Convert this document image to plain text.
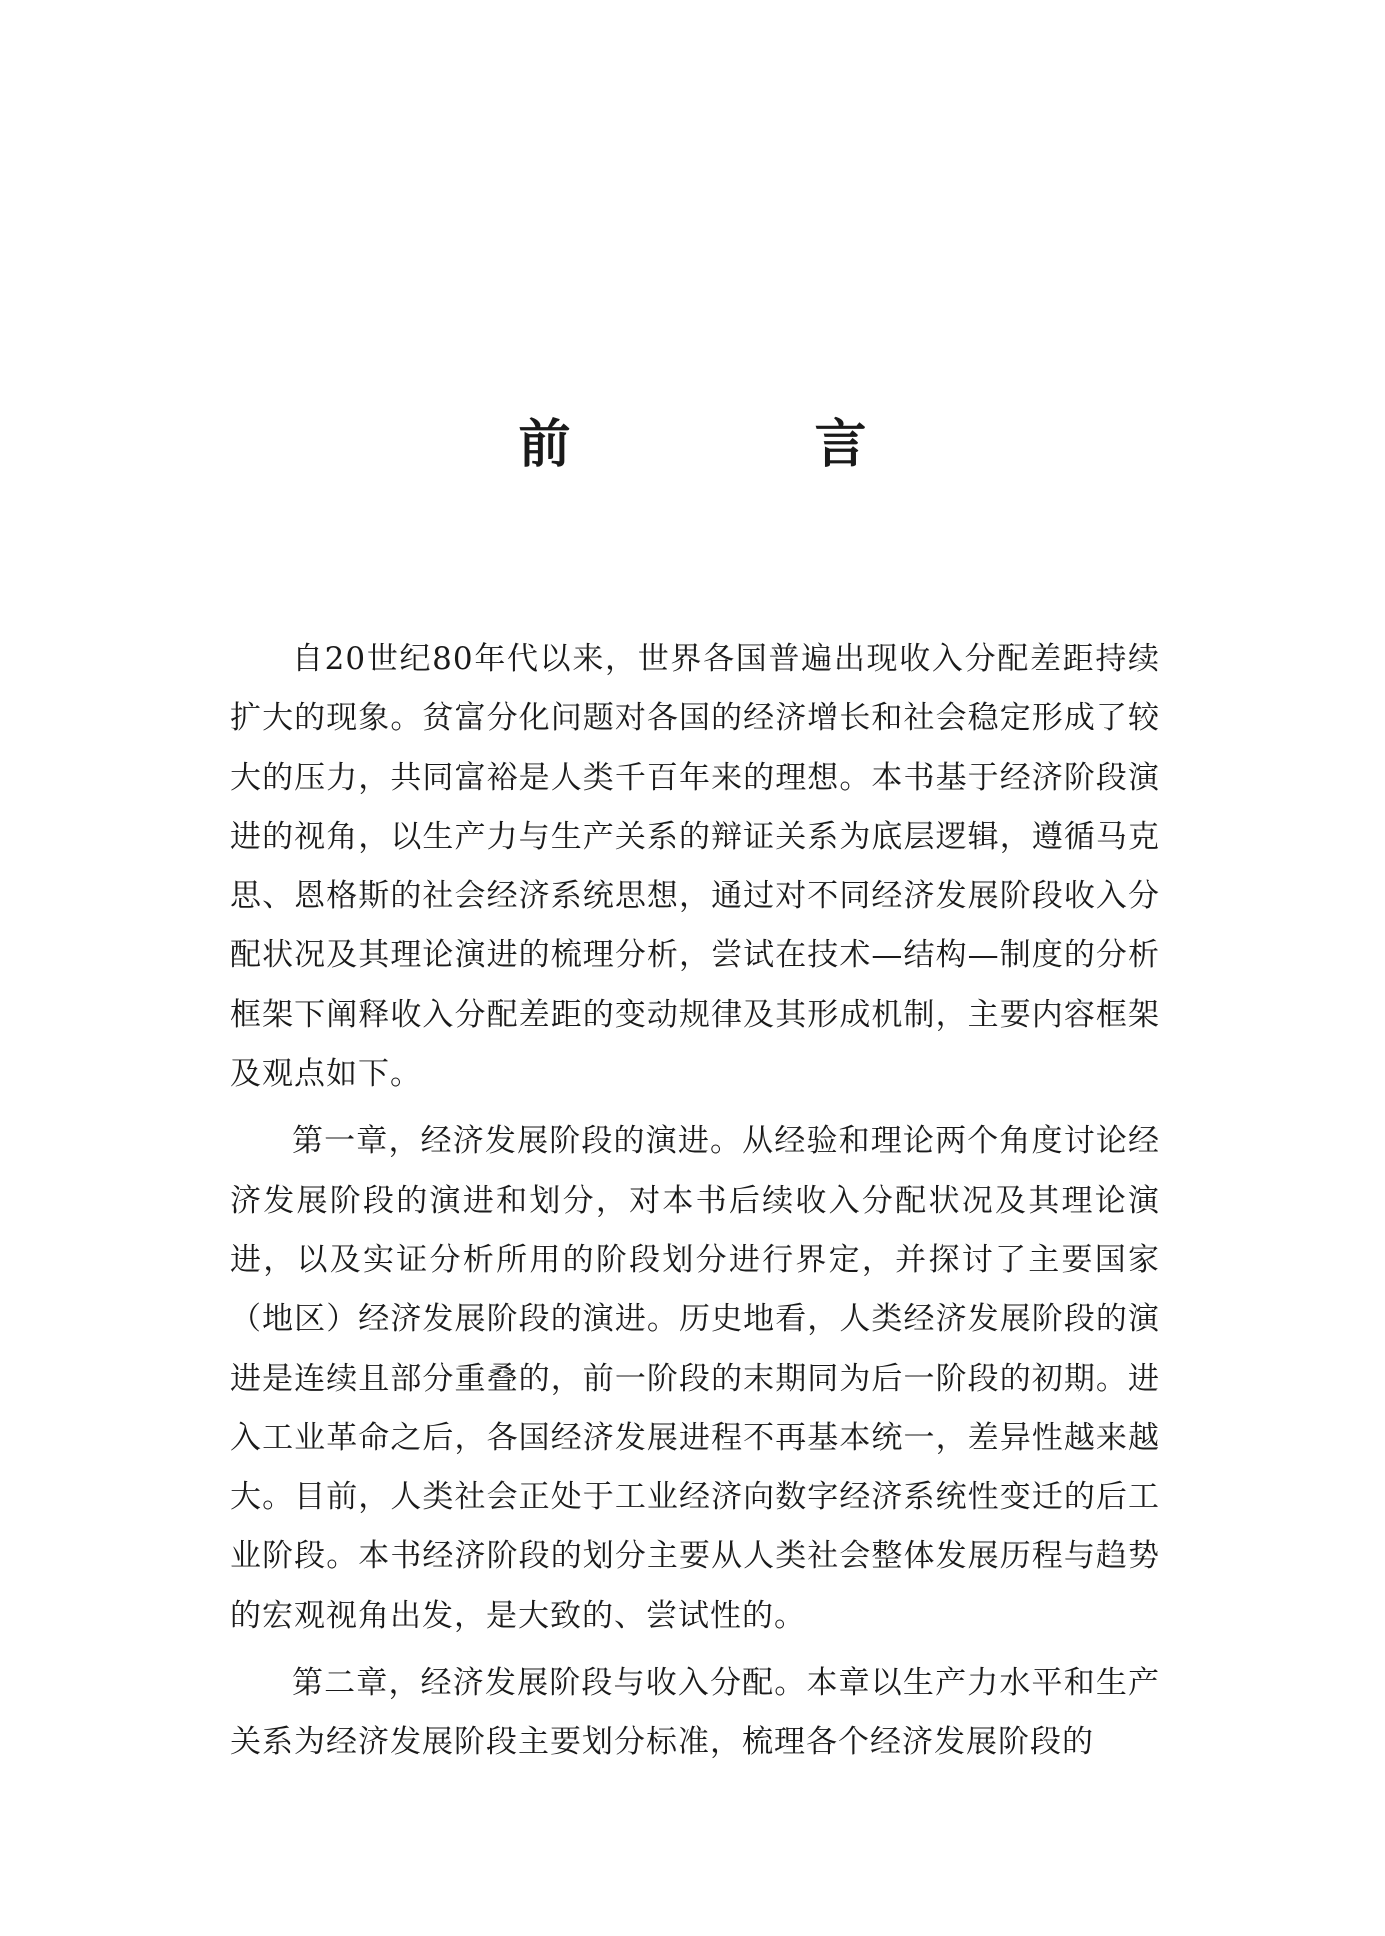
前　言

自20世纪80年代以来，世界各国普遍出现收入分配差距持续扩大的现象。贫富分化问题对各国的经济增长和社会稳定形成了较大的压力，共同富裕是人类千百年来的理想。本书基于经济阶段演进的视角，以生产力与生产关系的辩证关系为底层逻辑，遵循马克思、恩格斯的社会经济系统思想，通过对不同经济发展阶段收入分配状况及其理论演进的梳理分析，尝试在技术—结构—制度的分析框架下阐释收入分配差距的变动规律及其形成机制，主要内容框架及观点如下。

第一章，经济发展阶段的演进。从经验和理论两个角度讨论经济发展阶段的演进和划分，对本书后续收入分配状况及其理论演进，以及实证分析所用的阶段划分进行界定，并探讨了主要国家（地区）经济发展阶段的演进。历史地看，人类经济发展阶段的演进是连续且部分重叠的，前一阶段的末期同为后一阶段的初期。进入工业革命之后，各国经济发展进程不再基本统一，差异性越来越大。目前，人类社会正处于工业经济向数字经济系统性变迁的后工业阶段。本书经济阶段的划分主要从人类社会整体发展历程与趋势的宏观视角出发，是大致的、尝试性的。

第二章，经济发展阶段与收入分配。本章以生产力水平和生产关系为经济发展阶段主要划分标准，梳理各个经济发展阶段的
